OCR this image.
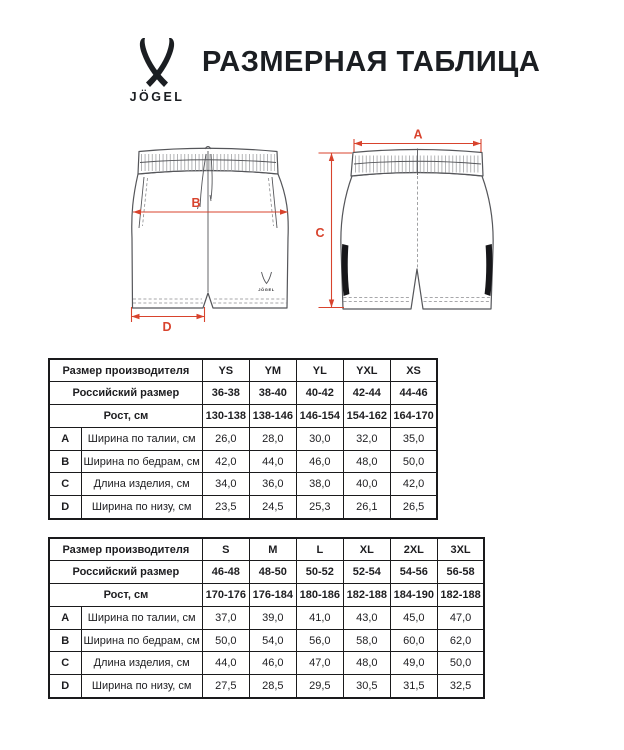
JÖGEL
РАЗМЕРНАЯ ТАБЛИЦА
JÖGEL
B
D
A
C
Размер производителя		YS	YM	YL	YXL	XS
Российский размер		36-38	38-40	40-42	42-44	44-46
Рост, см		130-138	138-146	146-154	154-162	164-170
A	Ширина по талии, см	26,0	28,0	30,0	32,0	35,0
B	Ширина по бедрам, см	42,0	44,0	46,0	48,0	50,0
C	Длина изделия, см	34,0	36,0	38,0	40,0	42,0
D	Ширина по низу, см	23,5	24,5	25,3	26,1	26,5
Размер производителя		S	M	L	XL	2XL	3XL
Российский размер		46-48	48-50	50-52	52-54	54-56	56-58
Рост, см		170-176	176-184	180-186	182-188	184-190	182-188
A	Ширина по талии, см	37,0	39,0	41,0	43,0	45,0	47,0
B	Ширина по бедрам, см	50,0	54,0	56,0	58,0	60,0	62,0
C	Длина изделия, см	44,0	46,0	47,0	48,0	49,0	50,0
D	Ширина по низу, см	27,5	28,5	29,5	30,5	31,5	32,5
